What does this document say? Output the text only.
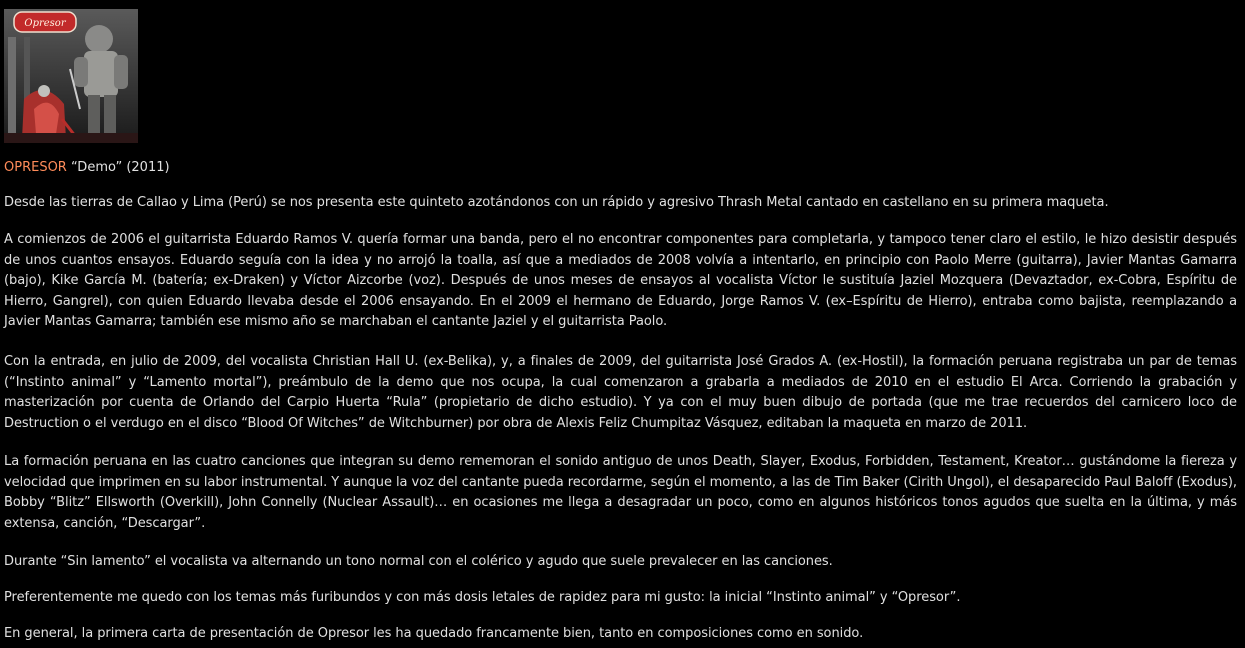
Opresor
OPRESOR “Demo” (2011)

Desde las tierras de Callao y Lima (Perú) se nos presenta este quinteto azotándonos con un rápido y agresivo Thrash Metal cantado en castellano en su primera maqueta.

A comienzos de 2006 el guitarrista Eduardo Ramos V. quería formar una banda, pero el no encontrar componentes para completarla, y tampoco tener claro el estilo, le hizo desistir después de unos cuantos ensayos. Eduardo seguía con la idea y no arrojó la toalla, así que a mediados de 2008 volvía a intentarlo, en principio con Paolo Merre (guitarra), Javier Mantas Gamarra (bajo), Kike García M. (batería; ex-Draken) y Víctor Aizcorbe (voz). Después de unos meses de ensayos al vocalista Víctor le sustituía Jaziel Mozquera (Devaztador, ex-Cobra, Espíritu de Hierro, Gangrel), con quien Eduardo llevaba desde el 2006 ensayando. En el 2009 el hermano de Eduardo, Jorge Ramos V. (ex–Espíritu de Hierro), entraba como bajista, reemplazando a Javier Mantas Gamarra; también ese mismo año se marchaban el cantante Jaziel y el guitarrista Paolo.

Con la entrada, en julio de 2009, del vocalista Christian Hall U. (ex-Belika), y, a finales de 2009, del guitarrista José Grados A. (ex-Hostil), la formación peruana registraba un par de temas (“Instinto animal” y “Lamento mortal”), preámbulo de la demo que nos ocupa, la cual comenzaron a grabarla a mediados de 2010 en el estudio El Arca. Corriendo la grabación y masterización por cuenta de Orlando del Carpio Huerta “Rula” (propietario de dicho estudio). Y ya con el muy buen dibujo de portada (que me trae recuerdos del carnicero loco de Destruction o el verdugo en el disco “Blood Of Witches” de Witchburner) por obra de Alexis Feliz Chumpitaz Vásquez, editaban la maqueta en marzo de 2011.

La formación peruana en las cuatro canciones que integran su demo rememoran el sonido antiguo de unos Death, Slayer, Exodus, Forbidden, Testament, Kreator… gustándome la fiereza y velocidad que imprimen en su labor instrumental. Y aunque la voz del cantante pueda recordarme, según el momento, a las de Tim Baker (Cirith Ungol), el desaparecido Paul Baloff (Exodus), Bobby “Blitz” Ellsworth (Overkill), John Connelly (Nuclear Assault)… en ocasiones me llega a desagradar un poco, como en algunos históricos tonos agudos que suelta en la última, y más extensa, canción, “Descargar”.

Durante “Sin lamento” el vocalista va alternando un tono normal con el colérico y agudo que suele prevalecer en las canciones.

Preferentemente me quedo con los temas más furibundos y con más dosis letales de rapidez para mi gusto: la inicial “Instinto animal” y “Opresor”.

En general, la primera carta de presentación de Opresor les ha quedado francamente bien, tanto en composiciones como en sonido.
